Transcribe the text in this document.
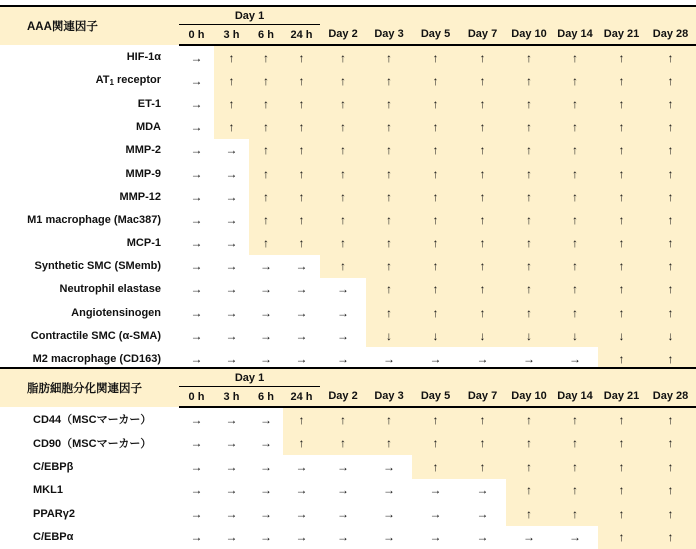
AAA関連因子	Day 1											
	0 h	3 h	6 h	24 h	Day 2	Day 3	Day 5	Day 7	Day 10	Day 14	Day 21	Day 28
HIF-1α	→	↑	↑	↑	↑	↑	↑	↑	↑	↑	↑	↑
$AT_1$ receptor	→	↑	↑	↑	↑	↑	↑	↑	↑	↑	↑	↑
ET-1	→	↑	↑	↑	↑	↑	↑	↑	↑	↑	↑	↑
MDA	→	↑	↑	↑	↑	↑	↑	↑	↑	↑	↑	↑
MMP-2	→	→	↑	↑	↑	↑	↑	↑	↑	↑	↑	↑
MMP-9	→	→	↑	↑	↑	↑	↑	↑	↑	↑	↑	↑
MMP-12	→	→	↑	↑	↑	↑	↑	↑	↑	↑	↑	↑
M1 macrophage (Mac387)	→	→	↑	↑	↑	↑	↑	↑	↑	↑	↑	↑
MCP-1	→	→	↑	↑	↑	↑	↑	↑	↑	↑	↑	↑
Synthetic SMC (SMemb)	→	→	→	→	↑	↑	↑	↑	↑	↑	↑	↑
Neutrophil elastase	→	→	→	→	→	↑	↑	↑	↑	↑	↑	↑
Angiotensinogen	→	→	→	→	→	↑	↑	↑	↑	↑	↑	↑
Contractile SMC (α-SMA)	→	→	→	→	→	↓	↓	↓	↓	↓	↓	↓
M2 macrophage (CD163)	→	→	→	→	→	→	→	→	→	→	↑	↑
脂肪細胞分化関連因子	Day 1											
	0 h	3 h	6 h	24 h	Day 2	Day 3	Day 5	Day 7	Day 10	Day 14	Day 21	Day 28
CD44（MSCマーカー）	→	→	→	↑	↑	↑	↑	↑	↑	↑	↑	↑
CD90（MSCマーカー）	→	→	→	↑	↑	↑	↑	↑	↑	↑	↑	↑
C/EBPβ	→	→	→	→	→	→	↑	↑	↑	↑	↑	↑
MKL1	→	→	→	→	→	→	→	→	↑	↑	↑	↑
PPARγ2	→	→	→	→	→	→	→	→	↑	↑	↑	↑
C/EBPα	→	→	→	→	→	→	→	→	→	→	↑	↑
